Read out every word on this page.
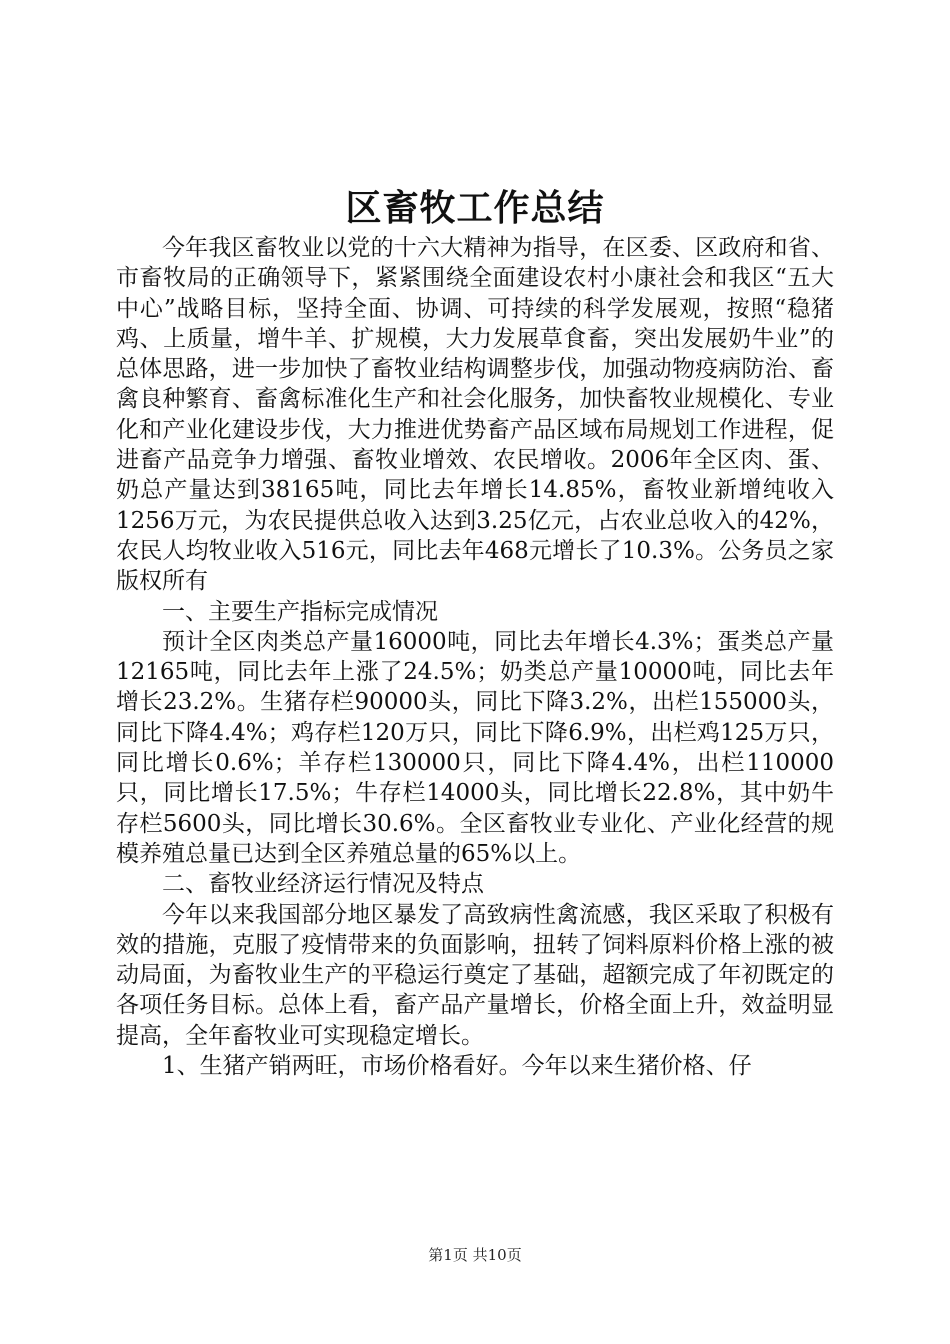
区畜牧工作总结

今年我区畜牧业以党的十六大精神为指导，在区委、区政府和省、市畜牧局的正确领导下，紧紧围绕全面建设农村小康社会和我区“五大中心”战略目标，坚持全面、协调、可持续的科学发展观，按照“稳猪鸡、上质量，增牛羊、扩规模，大力发展草食畜，突出发展奶牛业”的总体思路，进一步加快了畜牧业结构调整步伐，加强动物疫病防治、畜禽良种繁育、畜禽标准化生产和社会化服务，加快畜牧业规模化、专业化和产业化建设步伐，大力推进优势畜产品区域布局规划工作进程，促进畜产品竞争力增强、畜牧业增效、农民增收。2006年全区肉、蛋、奶总产量达到38165吨，同比去年增长14.85%，畜牧业新增纯收入1256万元，为农民提供总收入达到3.25亿元，占农业总收入的42%，农民人均牧业收入516元，同比去年468元增长了10.3%。公务员之家版权所有

一、主要生产指标完成情况

预计全区肉类总产量16000吨，同比去年增长4.3%；蛋类总产量12165吨，同比去年上涨了24.5%；奶类总产量10000吨，同比去年增长23.2%。生猪存栏90000头，同比下降3.2%，出栏155000头，同比下降4.4%；鸡存栏120万只，同比下降6.9%，出栏鸡125万只，同比增长0.6%；羊存栏130000只，同比下降4.4%，出栏110000只，同比增长17.5%；牛存栏14000头，同比增长22.8%，其中奶牛存栏5600头，同比增长30.6%。全区畜牧业专业化、产业化经营的规模养殖总量已达到全区养殖总量的65%以上。

二、畜牧业经济运行情况及特点

今年以来我国部分地区暴发了高致病性禽流感，我区采取了积极有效的措施，克服了疫情带来的负面影响，扭转了饲料原料价格上涨的被动局面，为畜牧业生产的平稳运行奠定了基础，超额完成了年初既定的各项任务目标。总体上看，畜产品产量增长，价格全面上升，效益明显提高，全年畜牧业可实现稳定增长。

1、生猪产销两旺，市场价格看好。今年以来生猪价格、仔

第1页 共10页
